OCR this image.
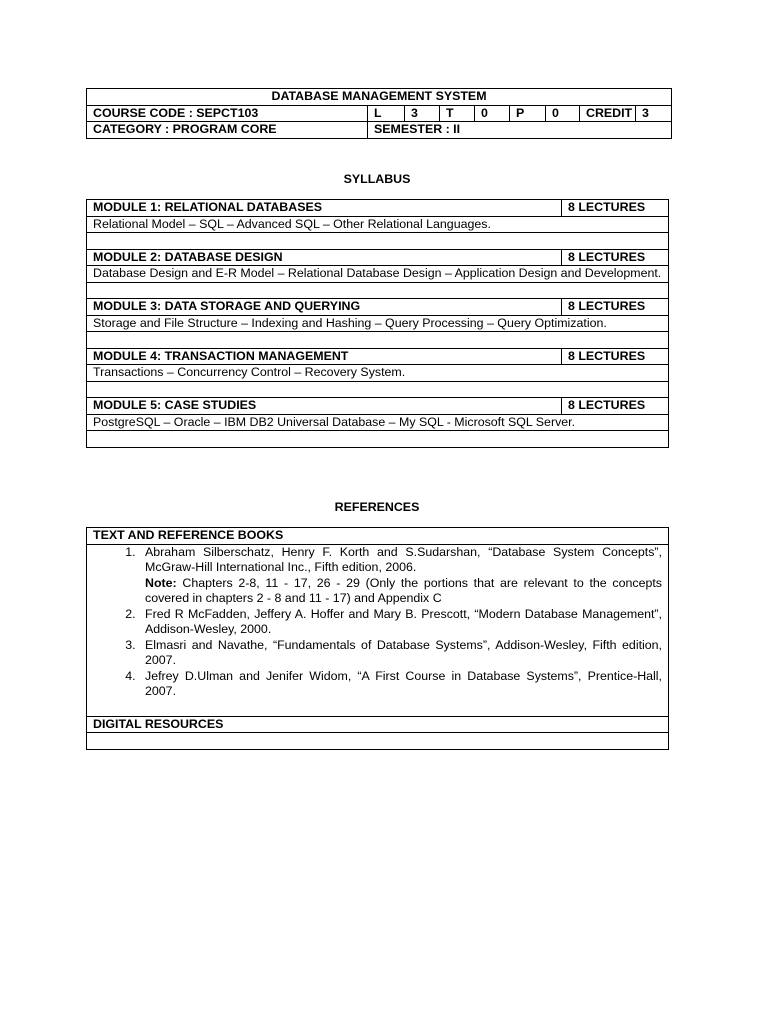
DATABASE MANAGEMENT SYSTEM								
COURSE CODE : SEPCT103	L	3	T	0	P	0	CREDIT	3
CATEGORY : PROGRAM CORE	SEMESTER : II							
SYLLABUS
MODULE 1: RELATIONAL DATABASES	8 LECTURES
Relational Model – SQL – Advanced SQL – Other Relational Languages.	

MODULE 2: DATABASE DESIGN	8 LECTURES
Database Design and E-R Model – Relational Database Design – Application Design and Development.	

MODULE 3: DATA STORAGE AND QUERYING	8 LECTURES
Storage and File Structure – Indexing and Hashing – Query Processing – Query Optimization.	

MODULE 4: TRANSACTION MANAGEMENT	8 LECTURES
Transactions – Concurrency Control – Recovery System.	

MODULE 5: CASE STUDIES	8 LECTURES
PostgreSQL – Oracle – IBM DB2 Universal Database – My SQL - Microsoft SQL Server.	

REFERENCES
TEXT AND REFERENCE BOOKS

1. Abraham Silberschatz, Henry F. Korth and S.Sudarshan, “Database System Concepts”, McGraw-Hill International Inc., Fifth edition, 2006.
Note: Chapters 2-8, 11 - 17, 26 - 29 (Only the portions that are relevant to the concepts covered in chapters 2 - 8 and 11 - 17) and Appendix C
2. Fred R McFadden, Jeffery A. Hoffer and Mary B. Prescott, “Modern Database Management”, Addison-Wesley, 2000.
3. Elmasri and Navathe, “Fundamentals of Database Systems”, Addison-Wesley, Fifth edition, 2007.
4. Jefrey D.Ulman and Jenifer Widom, “A First Course in Database Systems”, Prentice-Hall, 2007.

DIGITAL RESOURCES
